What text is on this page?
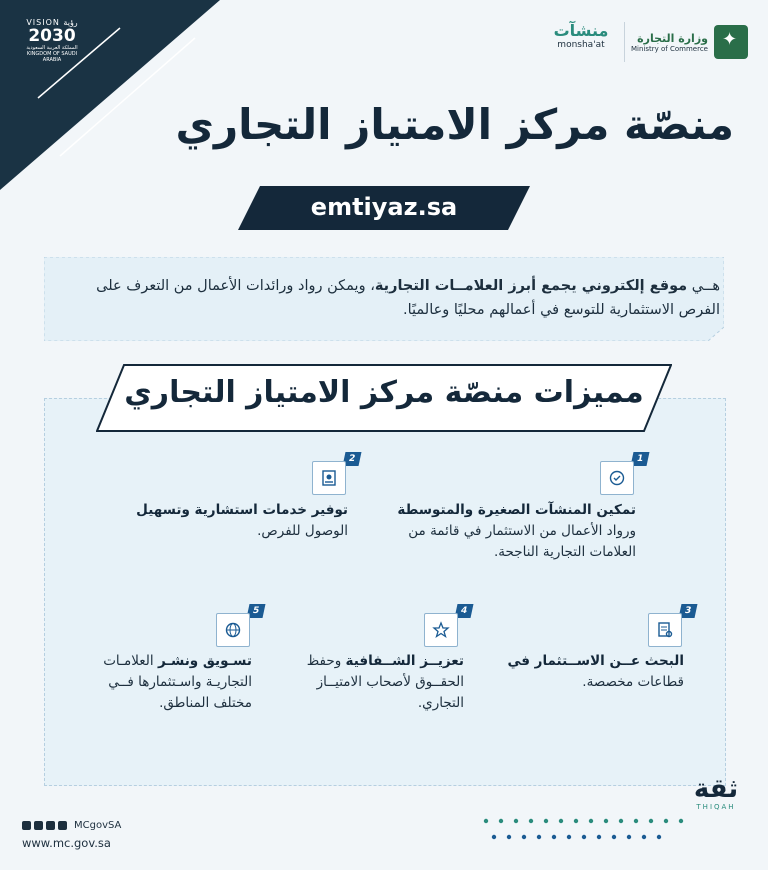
VISION رؤية
2030
المملكة العربية السعودية
KINGDOM OF SAUDI ARABIA
وزارة التجارة
Ministry of Commerce
✦
منشآت
monsha'at
منصّة مركز الامتياز التجاري
emtiyaz.sa
هــي موقع إلكتروني يجمع أبرز العلامــات التجارية، ويمكن رواد ورائدات الأعمال من التعرف على الفرص الاستثمارية للتوسع في أعمالهم محليًا وعالميًا.
مميزات منصّة مركز الامتياز التجاري
1
تمكين المنشآت الصغيرة والمتوسطة ورواد الأعمال من الاستثمار في قائمة من العلامات التجارية الناجحة.
2
توفير خدمات استشارية وتسهيل الوصول للفرص.
3
البحث عــن الاســتثمار في قطاعات مخصصة.
4
تعزيــز الشــفافية وحفظ الحقــوق لأصحاب الامتيــاز التجاري.
5
تسـويق ونشـر العلامـات التجاريـة واسـتثمارها فــي مختلف المناطق.
ثقة
THIQAH
MCgovSA
www.mc.gov.sa
